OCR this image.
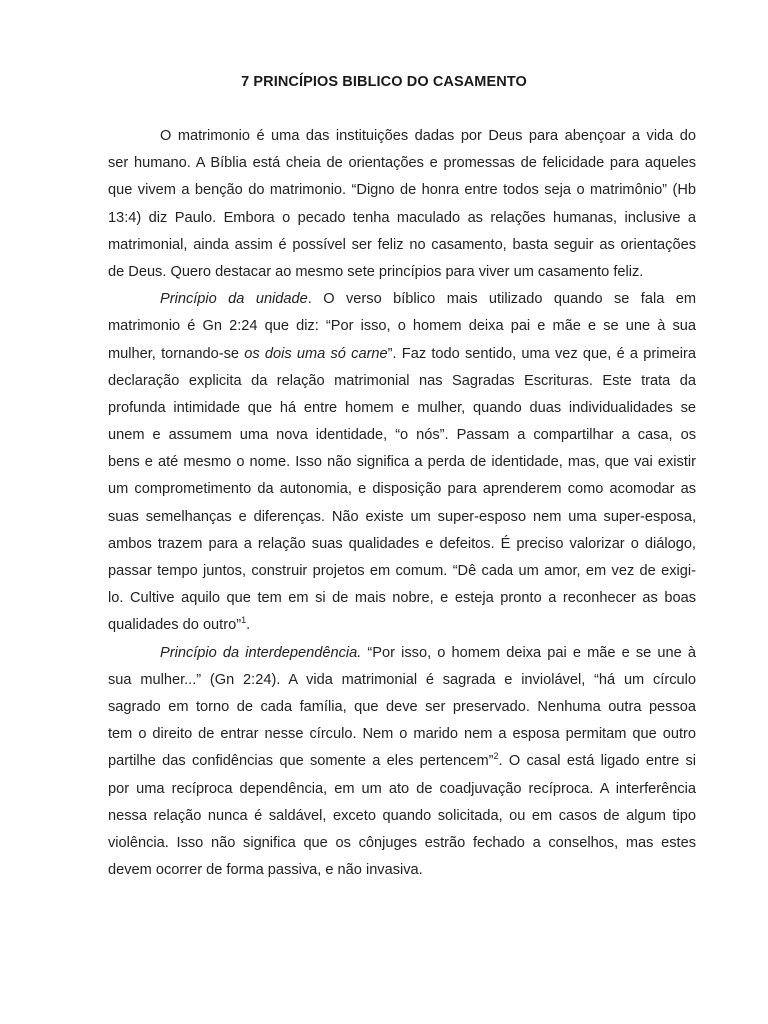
7 PRINCÍPIOS BIBLICO DO CASAMENTO
O matrimonio é uma das instituições dadas por Deus para abençoar a vida do
ser humano. A Bíblia está cheia de orientações e promessas de felicidade para aqueles
que vivem a benção do matrimonio. “Digno de honra entre todos seja o matrimônio” (Hb
13:4) diz Paulo. Embora o pecado tenha maculado as relações humanas, inclusive a
matrimonial, ainda assim é possível ser feliz no casamento, basta seguir as orientações
de Deus. Quero destacar ao mesmo sete princípios para viver um casamento feliz.
Princípio da unidade. O verso bíblico mais utilizado quando se fala em
matrimonio é Gn 2:24 que diz: “Por isso, o homem deixa pai e mãe e se une à sua
mulher, tornando-se os dois uma só carne”. Faz todo sentido, uma vez que, é a primeira
declaração explicita da relação matrimonial nas Sagradas Escrituras. Este trata da
profunda intimidade que há entre homem e mulher, quando duas individualidades se
unem e assumem uma nova identidade, “o nós”. Passam a compartilhar a casa, os
bens e até mesmo o nome. Isso não significa a perda de identidade, mas, que vai existir
um comprometimento da autonomia, e disposição para aprenderem como acomodar as
suas semelhanças e diferenças. Não existe um super-esposo nem uma super-esposa,
ambos trazem para a relação suas qualidades e defeitos. É preciso valorizar o diálogo,
passar tempo juntos, construir projetos em comum. “Dê cada um amor, em vez de exigi-
lo. Cultive aquilo que tem em si de mais nobre, e esteja pronto a reconhecer as boas
qualidades do outro”$^1$.
Princípio da interdependência. “Por isso, o homem deixa pai e mãe e se une à
sua mulher...” (Gn 2:24). A vida matrimonial é sagrada e inviolável, “há um círculo
sagrado em torno de cada família, que deve ser preservado. Nenhuma outra pessoa
tem o direito de entrar nesse círculo. Nem o marido nem a esposa permitam que outro
partilhe das confidências que somente a eles pertencem”$^2$. O casal está ligado entre si
por uma recíproca dependência, em um ato de coadjuvação recíproca. A interferência
nessa relação nunca é saldável, exceto quando solicitada, ou em casos de algum tipo
violência. Isso não significa que os cônjuges estrão fechado a conselhos, mas estes
devem ocorrer de forma passiva, e não invasiva.
